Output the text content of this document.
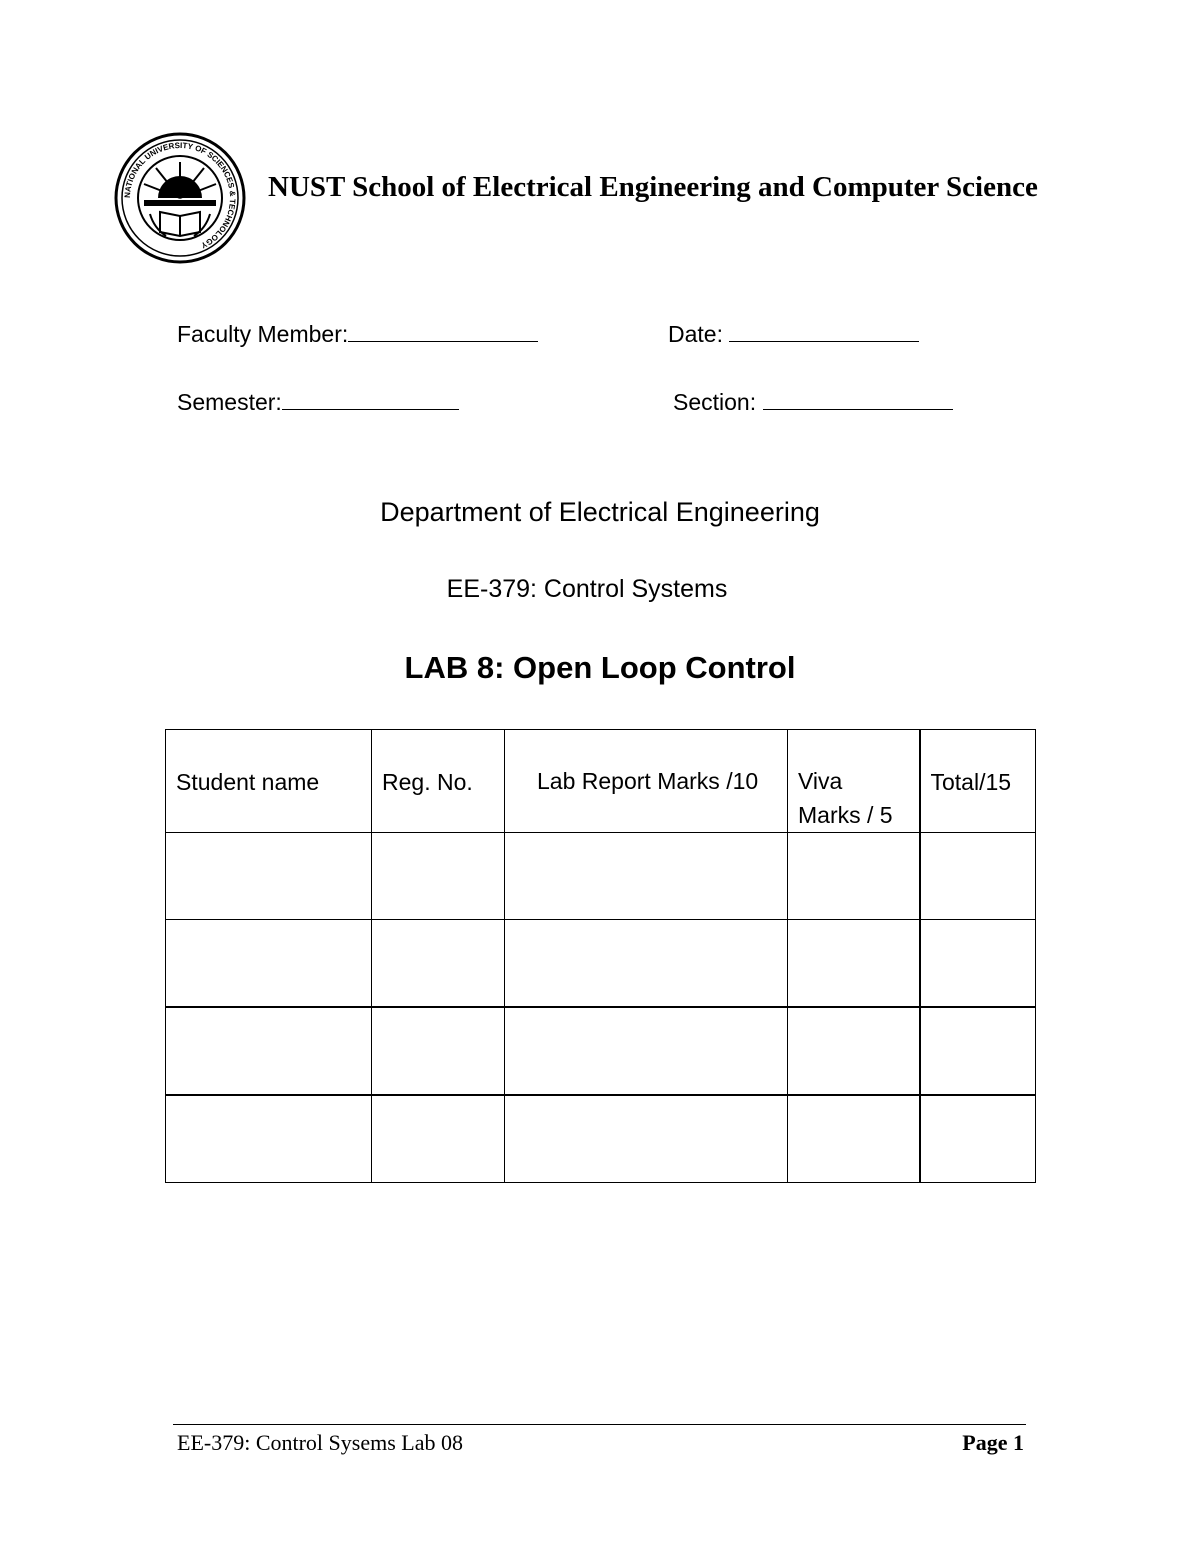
NATIONAL UNIVERSITY OF SCIENCES & TECHNOLOGY
NUST School of Electrical Engineering and Computer Science
Faculty Member:	Date:
Semester:	Section:
Department of Electrical Engineering
EE-379: Control Systems
LAB 8: Open Loop Control
Student name	Reg. No.	Lab Report Marks /10	Viva Marks / 5	Total/15

EE-379: Control Sysems Lab 08	Page 1
